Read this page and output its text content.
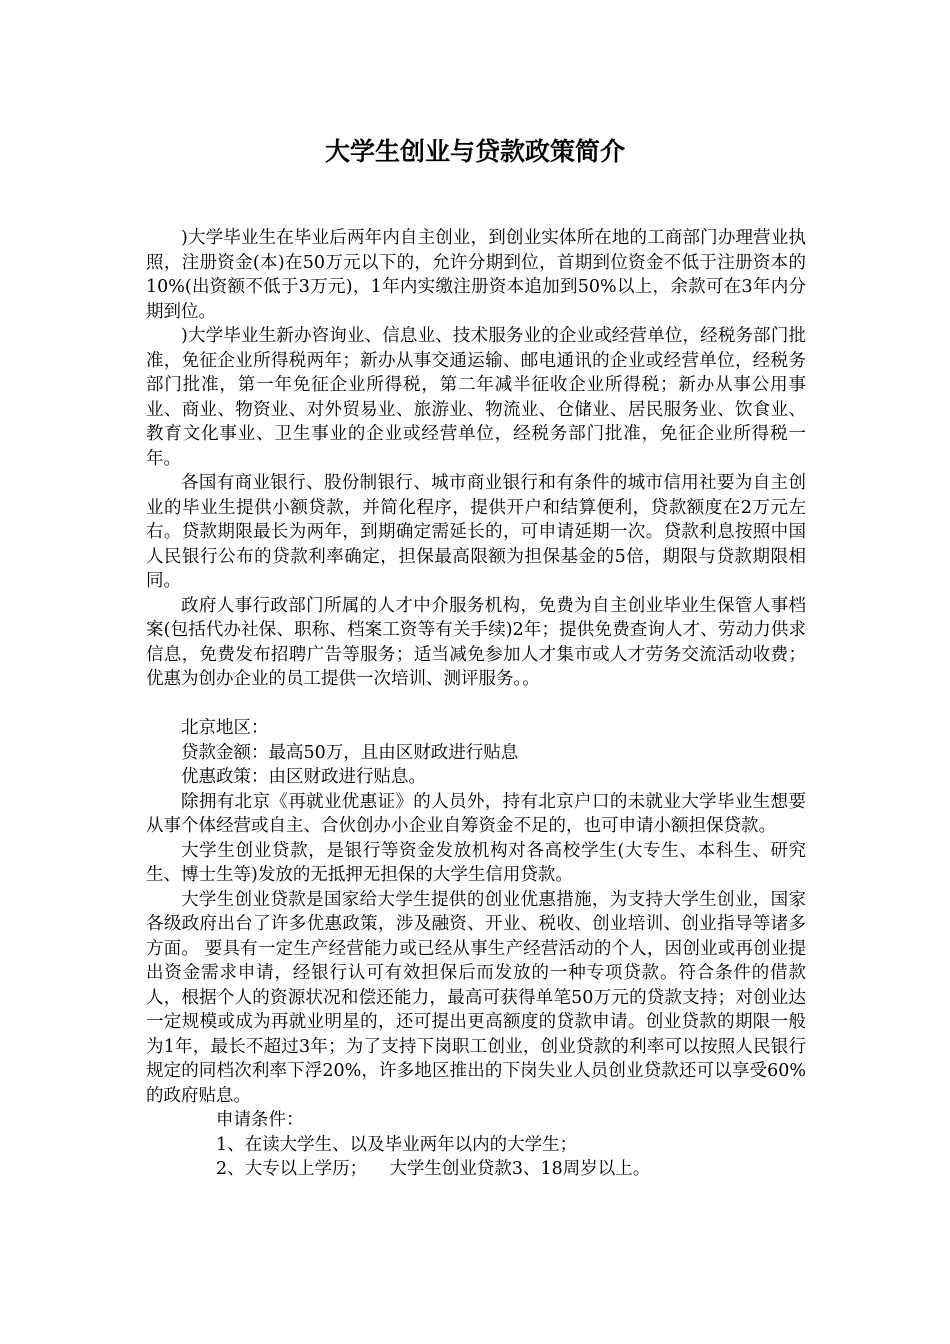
大学生创业与贷款政策简介

)大学毕业生在毕业后两年内自主创业，到创业实体所在地的工商部门办理营业执照，注册资金(本)在50万元以下的，允许分期到位，首期到位资金不低于注册资本的10%(出资额不低于3万元)，1年内实缴注册资本追加到50%以上，余款可在3年内分期到位。

)大学毕业生新办咨询业、信息业、技术服务业的企业或经营单位，经税务部门批准，免征企业所得税两年；新办从事交通运输、邮电通讯的企业或经营单位，经税务部门批准，第一年免征企业所得税，第二年减半征收企业所得税；新办从事公用事业、商业、物资业、对外贸易业、旅游业、物流业、仓储业、居民服务业、饮食业、教育文化事业、卫生事业的企业或经营单位，经税务部门批准，免征企业所得税一年。

各国有商业银行、股份制银行、城市商业银行和有条件的城市信用社要为自主创业的毕业生提供小额贷款，并简化程序，提供开户和结算便利，贷款额度在2万元左右。贷款期限最长为两年，到期确定需延长的，可申请延期一次。贷款利息按照中国人民银行公布的贷款利率确定，担保最高限额为担保基金的5倍，期限与贷款期限相同。

政府人事行政部门所属的人才中介服务机构，免费为自主创业毕业生保管人事档案(包括代办社保、职称、档案工资等有关手续)2年；提供免费查询人才、劳动力供求信息，免费发布招聘广告等服务；适当减免参加人才集市或人才劳务交流活动收费；优惠为创办企业的员工提供一次培训、测评服务。。

北京地区：

贷款金额：最高50万，且由区财政进行贴息

优惠政策：由区财政进行贴息。

除拥有北京《再就业优惠证》的人员外，持有北京户口的未就业大学毕业生想要从事个体经营或自主、合伙创办小企业自筹资金不足的，也可申请小额担保贷款。

大学生创业贷款，是银行等资金发放机构对各高校学生(大专生、本科生、研究生、博士生等)发放的无抵押无担保的大学生信用贷款。

大学生创业贷款是国家给大学生提供的创业优惠措施，为支持大学生创业，国家各级政府出台了许多优惠政策，涉及融资、开业、税收、创业培训、创业指导等诸多方面。 要具有一定生产经营能力或已经从事生产经营活动的个人，因创业或再创业提出资金需求申请，经银行认可有效担保后而发放的一种专项贷款。符合条件的借款人，根据个人的资源状况和偿还能力，最高可获得单笔50万元的贷款支持；对创业达一定规模或成为再就业明星的，还可提出更高额度的贷款申请。创业贷款的期限一般为1年，最长不超过3年；为了支持下岗职工创业，创业贷款的利率可以按照人民银行规定的同档次利率下浮20%，许多地区推出的下岗失业人员创业贷款还可以享受60%的政府贴息。

申请条件：

1、在读大学生、以及毕业两年以内的大学生；

2、大专以上学历；    大学生创业贷款3、18周岁以上。
